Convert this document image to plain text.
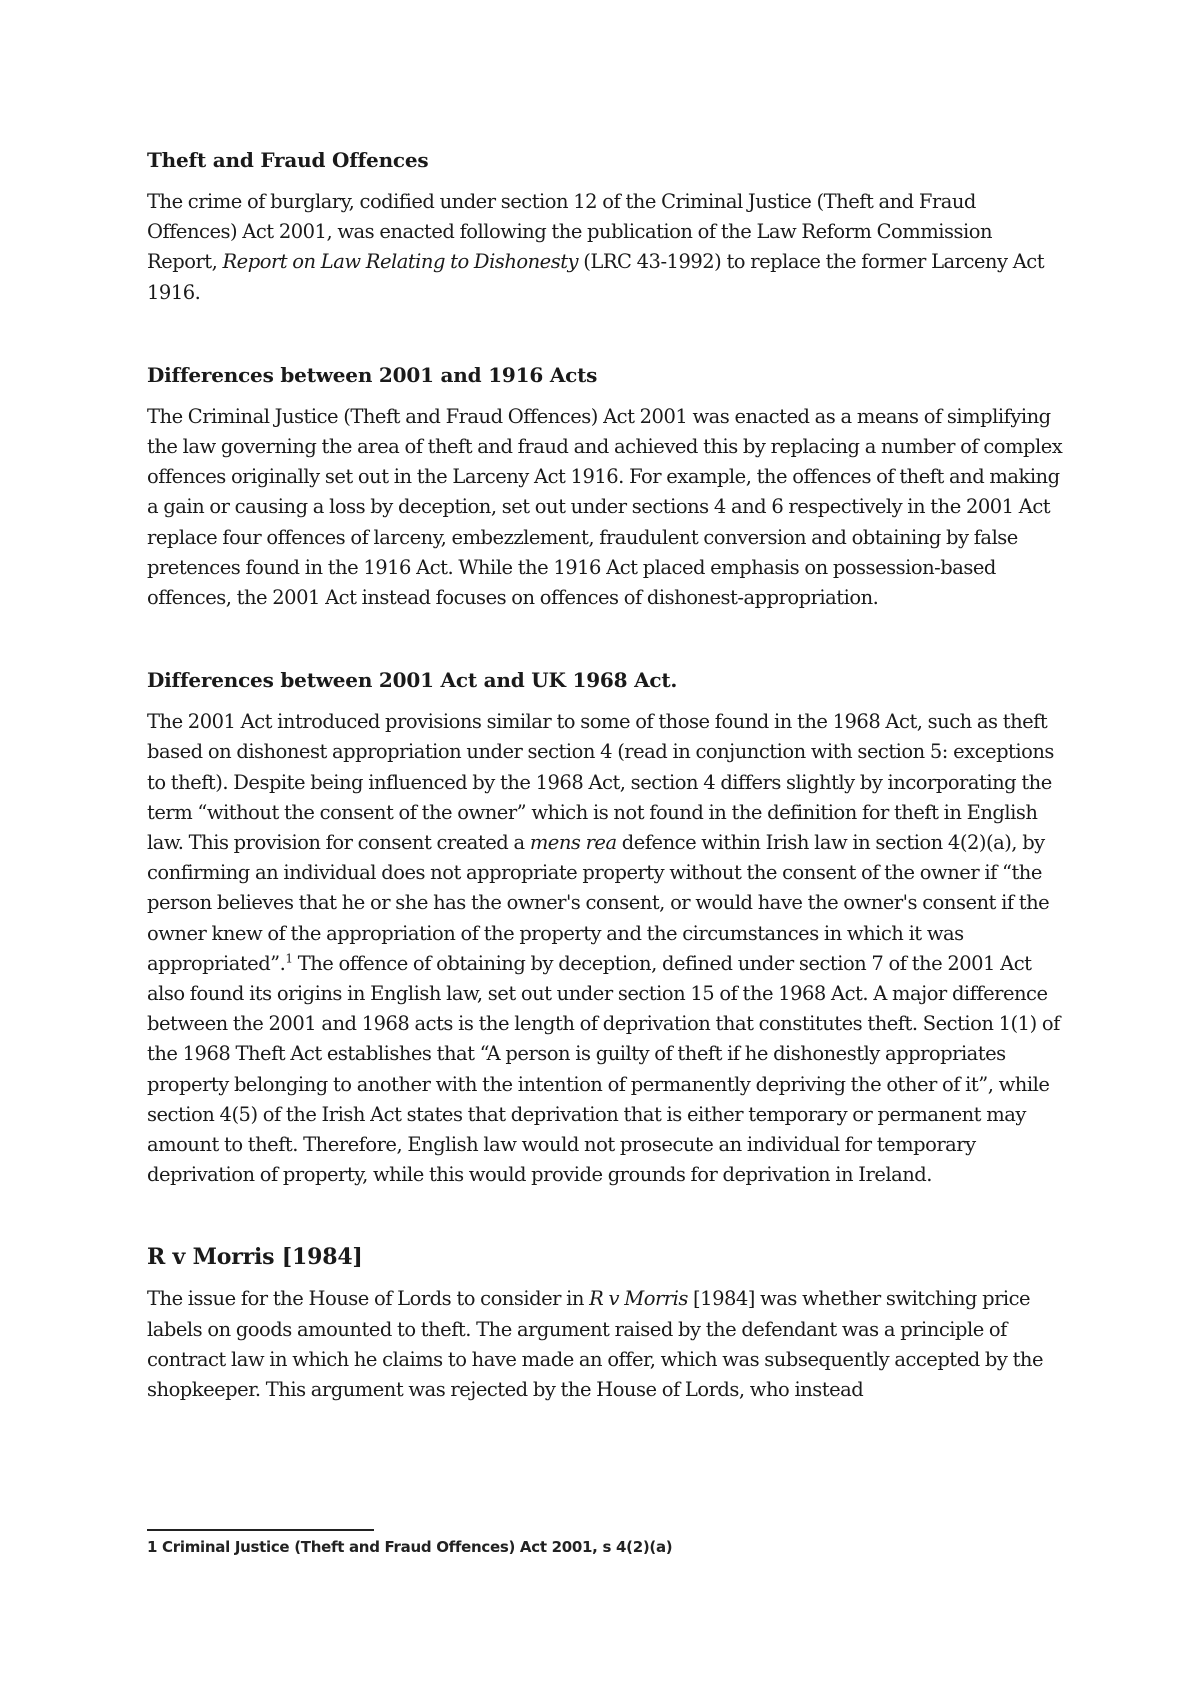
Theft and Fraud Offences

The crime of burglary, codified under section 12 of the Criminal Justice (Theft and Fraud Offences) Act 2001, was enacted following the publication of the Law Reform Commission Report, Report on Law Relating to Dishonesty (LRC 43-1992) to replace the former Larceny Act 1916.

Differences between 2001 and 1916 Acts

The Criminal Justice (Theft and Fraud Offences) Act 2001 was enacted as a means of simplifying the law governing the area of theft and fraud and achieved this by replacing a number of complex offences originally set out in the Larceny Act 1916. For example, the offences of theft and making a gain or causing a loss by deception, set out under sections 4 and 6 respectively in the 2001 Act replace four offences of larceny, embezzlement, fraudulent conversion and obtaining by false pretences found in the 1916 Act. While the 1916 Act placed emphasis on possession-based offences, the 2001 Act instead focuses on offences of dishonest-appropriation.

Differences between 2001 Act and UK 1968 Act.

The 2001 Act introduced provisions similar to some of those found in the 1968 Act, such as theft based on dishonest appropriation under section 4 (read in conjunction with section 5: exceptions to theft). Despite being influenced by the 1968 Act, section 4 differs slightly by incorporating the term “without the consent of the owner” which is not found in the definition for theft in English law. This provision for consent created a mens rea defence within Irish law in section 4(2)(a), by confirming an individual does not appropriate property without the consent of the owner if “the person believes that he or she has the owner's consent, or would have the owner's consent if the owner knew of the appropriation of the property and the circumstances in which it was appropriated”.$^1$ The offence of obtaining by deception, defined under section 7 of the 2001 Act also found its origins in English law, set out under section 15 of the 1968 Act. A major difference between the 2001 and 1968 acts is the length of deprivation that constitutes theft. Section 1(1) of the 1968 Theft Act establishes that “A person is guilty of theft if he dishonestly appropriates property belonging to another with the intention of permanently depriving the other of it”, while section 4(5) of the Irish Act states that deprivation that is either temporary or permanent may amount to theft. Therefore, English law would not prosecute an individual for temporary deprivation of property, while this would provide grounds for deprivation in Ireland.

R v Morris [1984]

The issue for the House of Lords to consider in R v Morris [1984] was whether switching price labels on goods amounted to theft. The argument raised by the defendant was a principle of contract law in which he claims to have made an offer, which was subsequently accepted by the shopkeeper. This argument was rejected by the House of Lords, who instead

1 Criminal Justice (Theft and Fraud Offences) Act 2001, s 4(2)(a)
